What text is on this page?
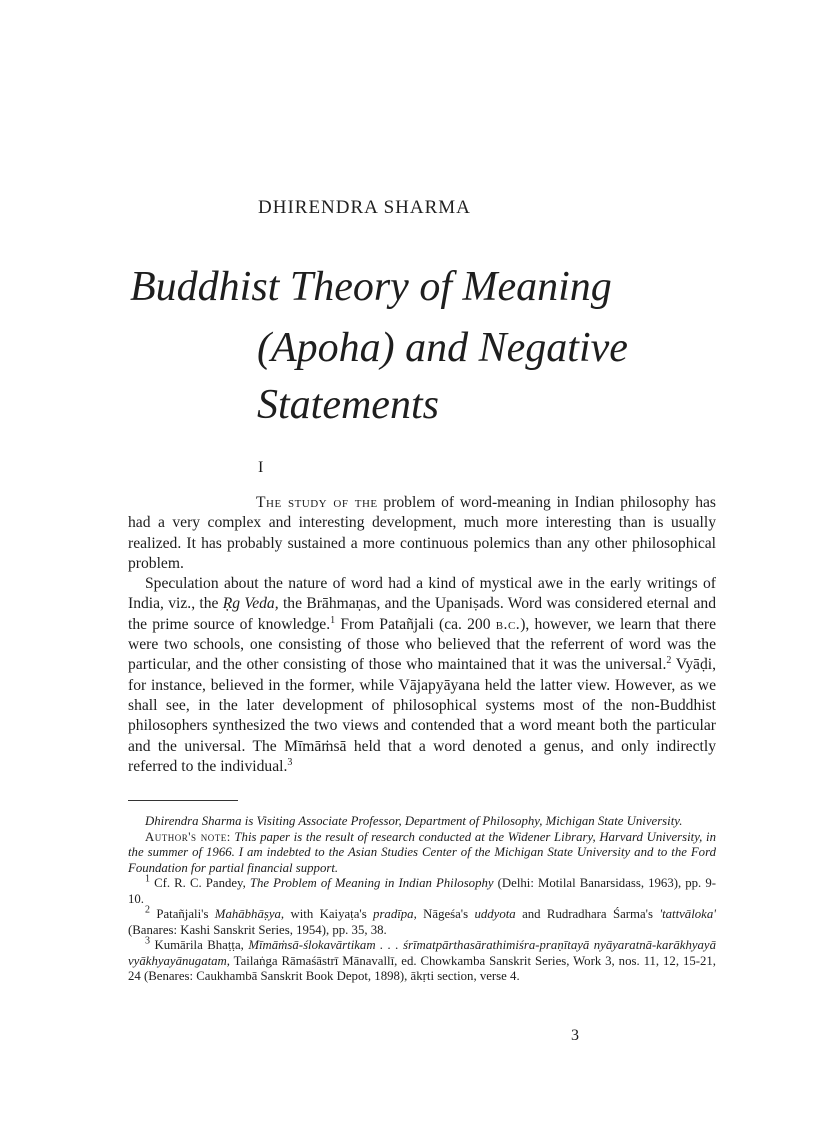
DHIRENDRA SHARMA
Buddhist Theory of Meaning
(Apoha) and Negative
Statements
I

The study of the problem of word-meaning in Indian philosophy has had a very complex and interesting development, much more interesting than is usually realized. It has probably sustained a more continuous polemics than any other philosophical problem.

Speculation about the nature of word had a kind of mystical awe in the early writings of India, viz., the Ṛg Veda, the Brāhmaṇas, and the Upaniṣads. Word was considered eternal and the prime source of knowledge.$^1$ From Patañjali (ca. 200 b.c.), however, we learn that there were two schools, one consisting of those who believed that the referrent of word was the particular, and the other consisting of those who maintained that it was the universal.$^2$ Vyāḍi, for instance, believed in the former, while Vājapyāyana held the latter view. However, as we shall see, in the later development of philosophical systems most of the non-Buddhist philosophers synthesized the two views and contended that a word meant both the particular and the universal. The Mīmāṁsā held that a word denoted a genus, and only indirectly referred to the individual.$^3$

Dhirendra Sharma is Visiting Associate Professor, Department of Philosophy, Michigan State University.

Author's note: This paper is the result of research conducted at the Widener Library, Harvard University, in the summer of 1966. I am indebted to the Asian Studies Center of the Michigan State University and to the Ford Foundation for partial financial support.

$^1$ Cf. R. C. Pandey, The Problem of Meaning in Indian Philosophy (Delhi: Motilal Banarsidass, 1963), pp. 9-10.

$^2$ Patañjali's Mahābhāṣya, with Kaiyaṭa's pradīpa, Nāgeśa's uddyota and Rudradhara Śarma's 'tattvāloka' (Banares: Kashi Sanskrit Series, 1954), pp. 35, 38.

$^3$ Kumārila Bhaṭṭa, Mīmāṁsā-ślokavārtikam . . . śrīmatpārthasārathimiśra-praṇītayā nyāyaratnā-karākhyayā vyākhyayānugatam, Tailaṅga Rāmaśāstrī Mānavallī, ed. Chowkamba Sanskrit Series, Work 3, nos. 11, 12, 15-21, 24 (Benares: Caukhambā Sanskrit Book Depot, 1898), ākṛti section, verse 4.

3
